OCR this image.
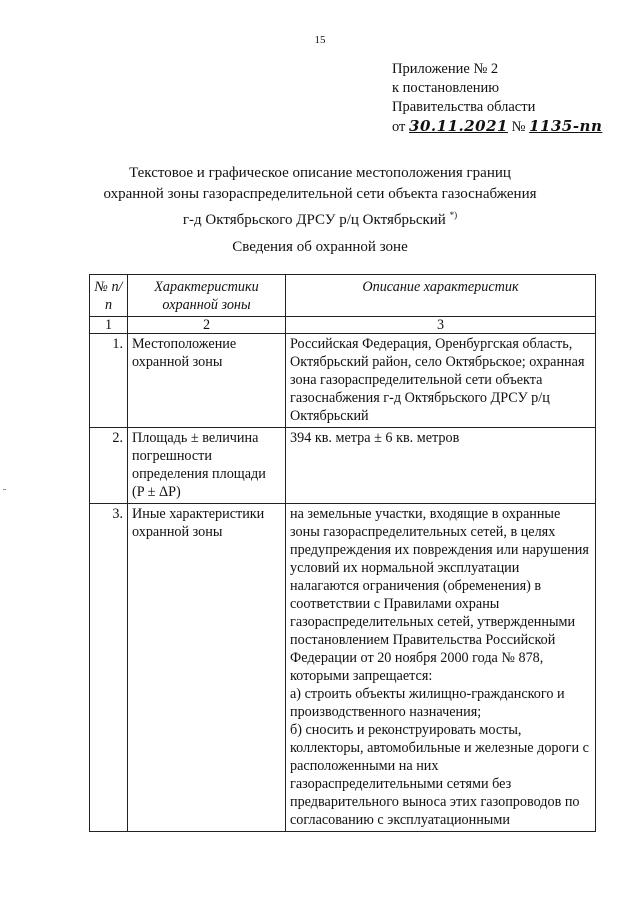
15
Приложение № 2
к постановлению
Правительства области
от 30.11.2021 № 1135-пп
Текстовое и графическое описание местоположения границ
охранной зоны газораспределительной сети объекта газоснабжения
г-д Октябрьского ДРСУ р/ц Октябрьский *)
Сведения об охранной зоне
№ п/п	Характеристики охранной зоны	Описание характеристик
1	2	3
1.	Местоположение охранной зоны	Российская Федерация, Оренбургская область, Октябрьский район, село Октябрьское; охранная зона газораспределительной сети объекта газоснабжения г-д Октябрьского ДРСУ р/ц Октябрьский
2.	Площадь ± величина погрешности определения площади (P ± ΔP)	394 кв. метра ± 6 кв. метров
3.	Иные характеристики охранной зоны	на земельные участки, входящие в охранные зоны газораспределительных сетей, в целях предупреждения их повреждения или нарушения условий их нормальной эксплуатации налагаются ограничения (обременения) в соответствии с Правилами охраны газораспределительных сетей, утвержденными постановлением Правительства Российской Федерации от 20 ноября 2000 года № 878, которыми запрещается:
а) строить объекты жилищно-гражданского и производственного назначения;
б) сносить и реконструировать мосты, коллекторы, автомобильные и железные дороги с расположенными на них газораспределительными сетями без предварительного выноса этих газопроводов по согласованию с эксплуатационными
